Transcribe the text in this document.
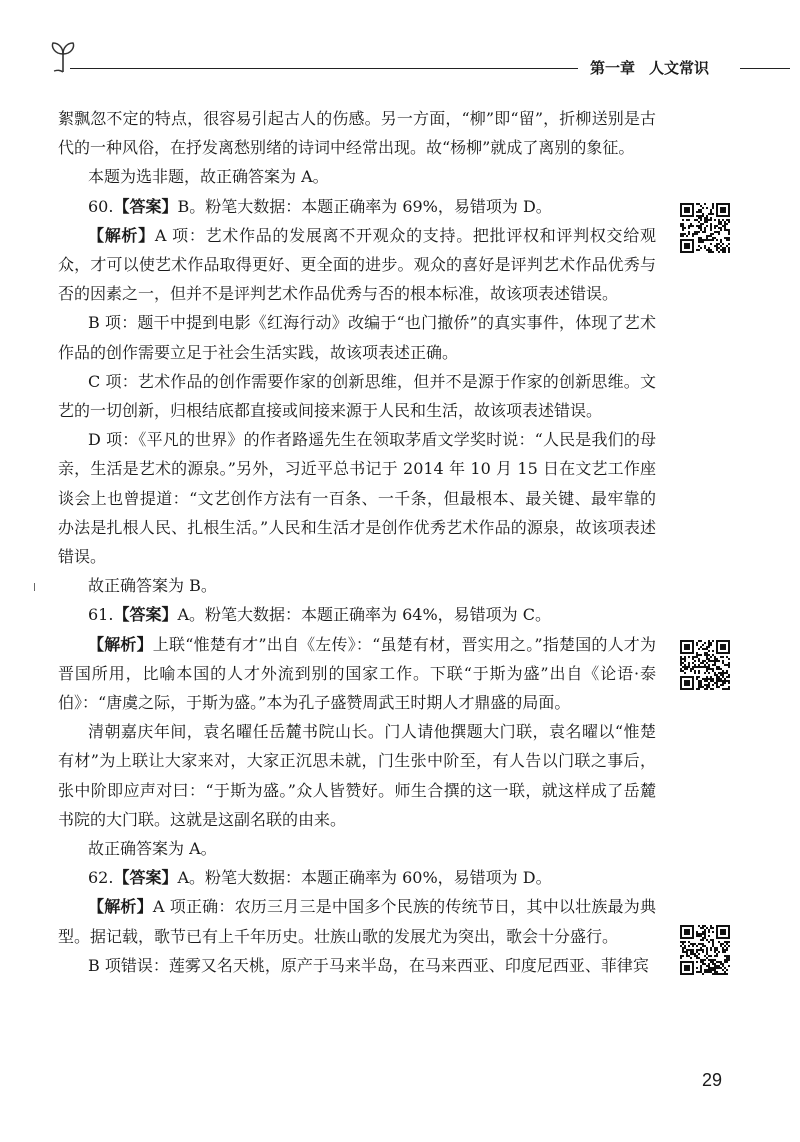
第一章 人文常识

絮飘忽不定的特点，很容易引起古人的伤感。另一方面，“柳”即“留”，折柳送别是古代的一种风俗，在抒发离愁别绪的诗词中经常出现。故“杨柳”就成了离别的象征。

本题为选非题，故正确答案为 A。

60.【答案】B。粉笔大数据：本题正确率为 69%，易错项为 D。

【解析】A 项：艺术作品的发展离不开观众的支持。把批评权和评判权交给观众，才可以使艺术作品取得更好、更全面的进步。观众的喜好是评判艺术作品优秀与否的因素之一，但并不是评判艺术作品优秀与否的根本标准，故该项表述错误。

B 项：题干中提到电影《红海行动》改编于“也门撤侨”的真实事件，体现了艺术作品的创作需要立足于社会生活实践，故该项表述正确。

C 项：艺术作品的创作需要作家的创新思维，但并不是源于作家的创新思维。文艺的一切创新，归根结底都直接或间接来源于人民和生活，故该项表述错误。

D 项：《平凡的世界》的作者路遥先生在领取茅盾文学奖时说：“人民是我们的母亲，生活是艺术的源泉。”另外，习近平总书记于 2014 年 10 月 15 日在文艺工作座谈会上也曾提道：“文艺创作方法有一百条、一千条，但最根本、最关键、最牢靠的办法是扎根人民、扎根生活。”人民和生活才是创作优秀艺术作品的源泉，故该项表述错误。

故正确答案为 B。

61.【答案】A。粉笔大数据：本题正确率为 64%，易错项为 C。

【解析】上联“惟楚有才”出自《左传》：“虽楚有材，晋实用之。”指楚国的人才为晋国所用，比喻本国的人才外流到别的国家工作。下联“于斯为盛”出自《论语·泰伯》：“唐虞之际，于斯为盛。”本为孔子盛赞周武王时期人才鼎盛的局面。

清朝嘉庆年间，袁名曜任岳麓书院山长。门人请他撰题大门联，袁名曜以“惟楚有材”为上联让大家来对，大家正沉思未就，门生张中阶至，有人告以门联之事后，张中阶即应声对曰：“于斯为盛。”众人皆赞好。师生合撰的这一联，就这样成了岳麓书院的大门联。这就是这副名联的由来。

故正确答案为 A。

62.【答案】A。粉笔大数据：本题正确率为 60%，易错项为 D。

【解析】A 项正确：农历三月三是中国多个民族的传统节日，其中以壮族最为典型。据记载，歌节已有上千年历史。壮族山歌的发展尤为突出，歌会十分盛行。

B 项错误：莲雾又名天桃，原产于马来半岛，在马来西亚、印度尼西亚、菲律宾

29
